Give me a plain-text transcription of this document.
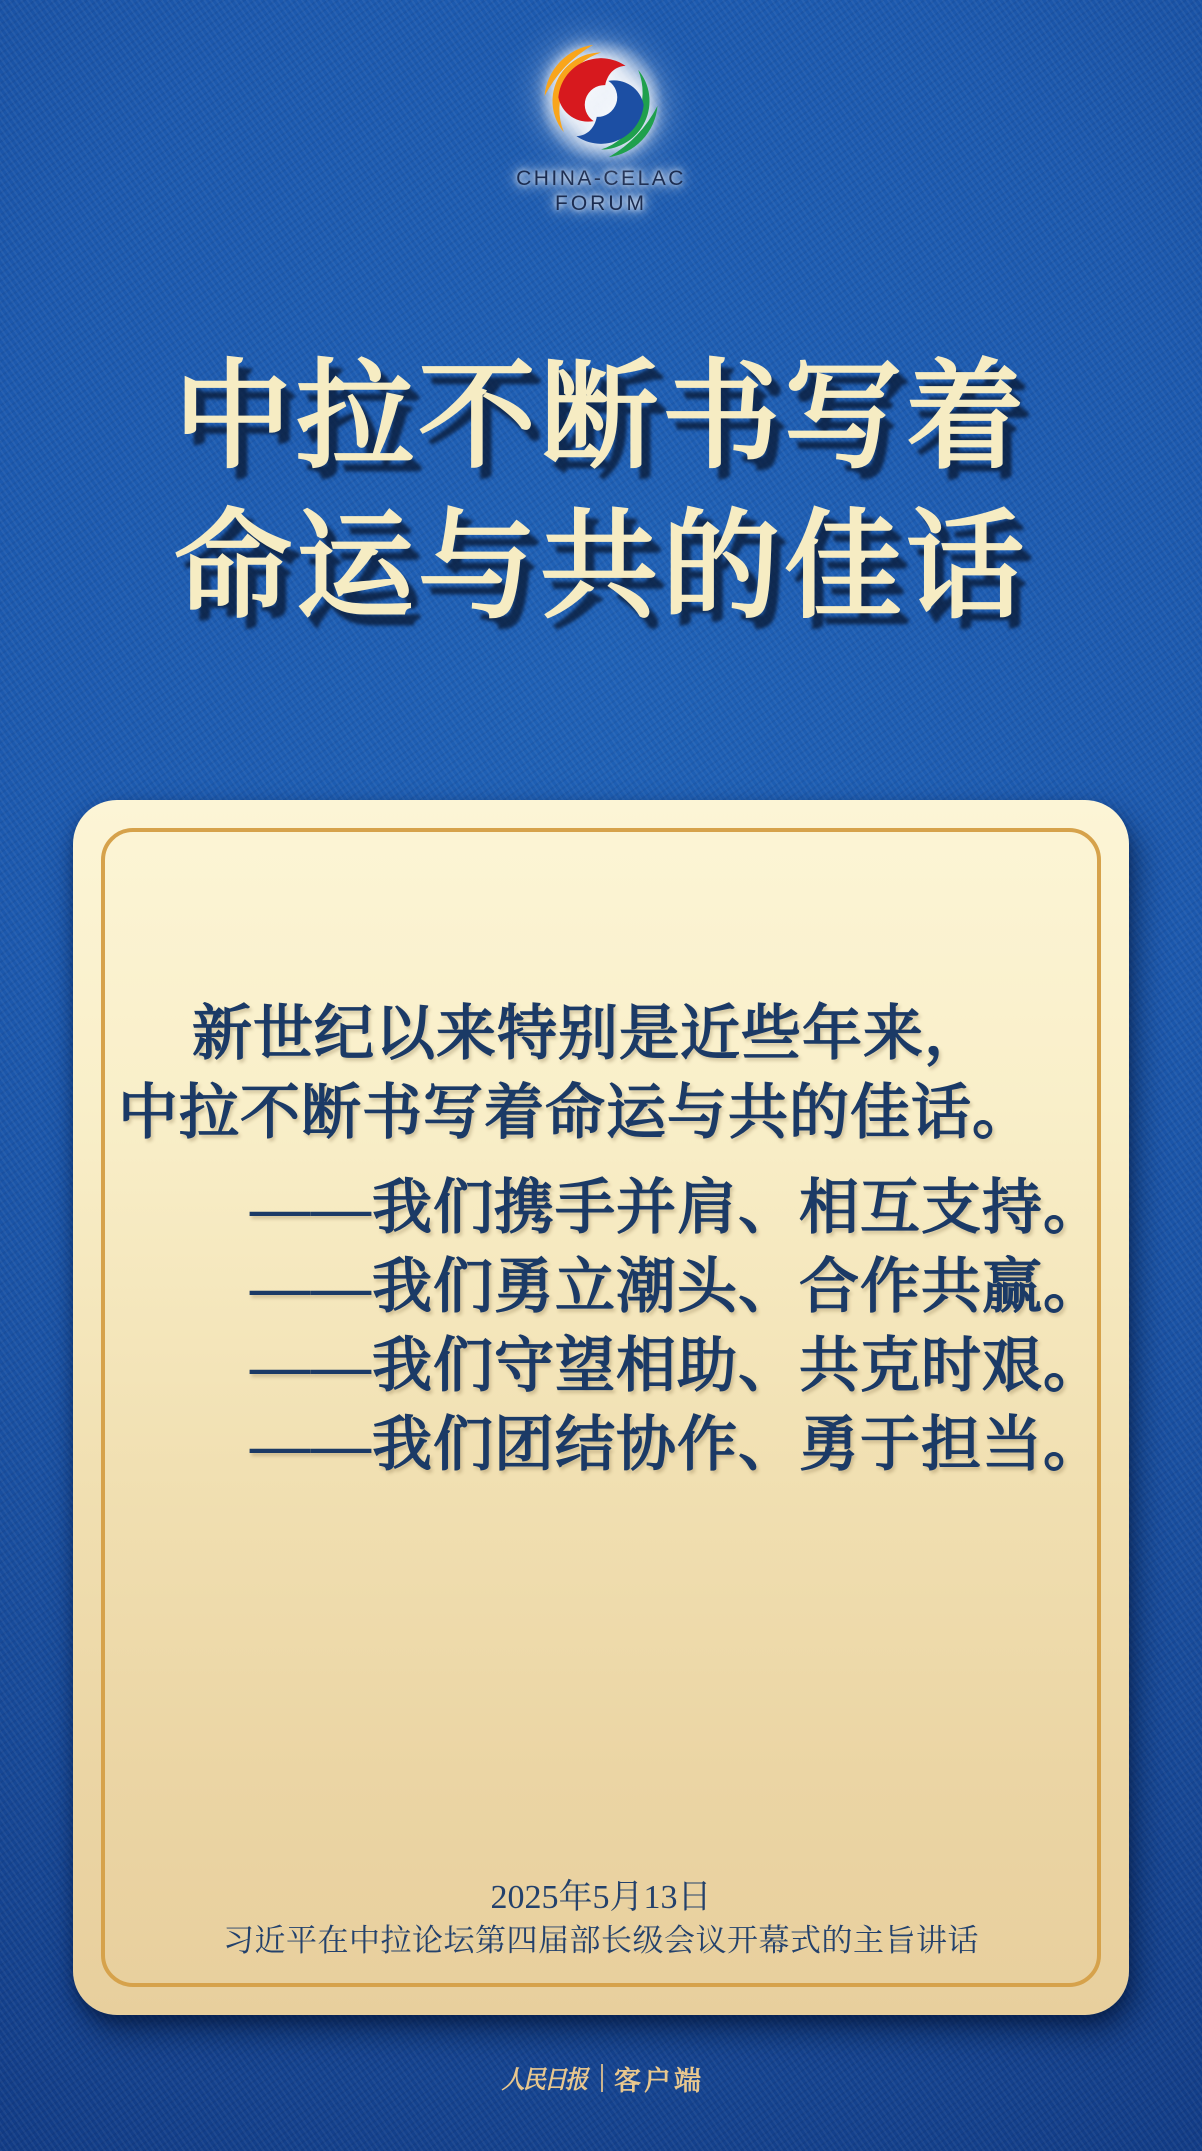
CHINA-CELAC
FORUM
中拉不断书写着
命运与共的佳话

新世纪以来特别是近些年来，

中拉不断书写着命运与共的佳话。

——我们携手并肩、相互支持。

——我们勇立潮头、合作共赢。

——我们守望相助、共克时艰。

——我们团结协作、勇于担当。

2025年5月13日

习近平在中拉论坛第四届部长级会议开幕式的主旨讲话

人民日报 客户端
